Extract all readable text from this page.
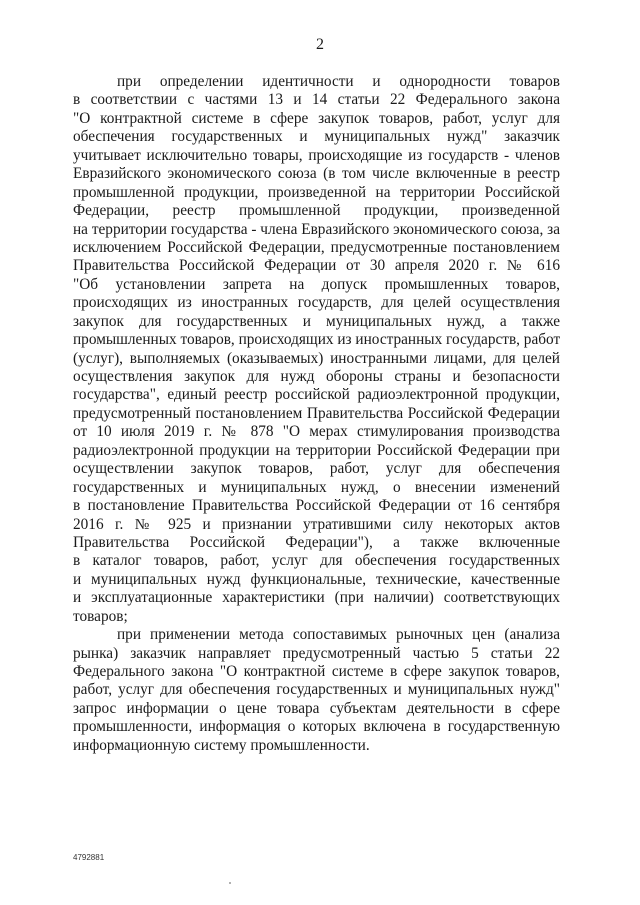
2
при определении идентичности и однородности товаров
в соответствии с частями 13 и 14 статьи 22 Федерального закона
"О контрактной системе в сфере закупок товаров, работ, услуг для
обеспечения государственных и муниципальных нужд" заказчик
учитывает исключительно товары, происходящие из государств - членов
Евразийского экономического союза (в том числе включенные в реестр
промышленной продукции, произведенной на территории Российской
Федерации, реестр промышленной продукции, произведенной
на территории государства - члена Евразийского экономического союза, за
исключением Российской Федерации, предусмотренные постановлением
Правительства Российской Федерации от 30 апреля 2020 г. № 616
"Об установлении запрета на допуск промышленных товаров,
происходящих из иностранных государств, для целей осуществления
закупок для государственных и муниципальных нужд, а также
промышленных товаров, происходящих из иностранных государств, работ
(услуг), выполняемых (оказываемых) иностранными лицами, для целей
осуществления закупок для нужд обороны страны и безопасности
государства", единый реестр российской радиоэлектронной продукции,
предусмотренный постановлением Правительства Российской Федерации
от 10 июля 2019 г. № 878 "О мерах стимулирования производства
радиоэлектронной продукции на территории Российской Федерации при
осуществлении закупок товаров, работ, услуг для обеспечения
государственных и муниципальных нужд, о внесении изменений
в постановление Правительства Российской Федерации от 16 сентября
2016 г. № 925 и признании утратившими силу некоторых актов
Правительства Российской Федерации"), а также включенные
в каталог товаров, работ, услуг для обеспечения государственных
и муниципальных нужд функциональные, технические, качественные
и эксплуатационные характеристики (при наличии) соответствующих
товаров;
при применении метода сопоставимых рыночных цен (анализа
рынка) заказчик направляет предусмотренный частью 5 статьи 22
Федерального закона "О контрактной системе в сфере закупок товаров,
работ, услуг для обеспечения государственных и муниципальных нужд"
запрос информации о цене товара субъектам деятельности в сфере
промышленности, информация о которых включена в государственную
информационную систему промышленности.
4792881
